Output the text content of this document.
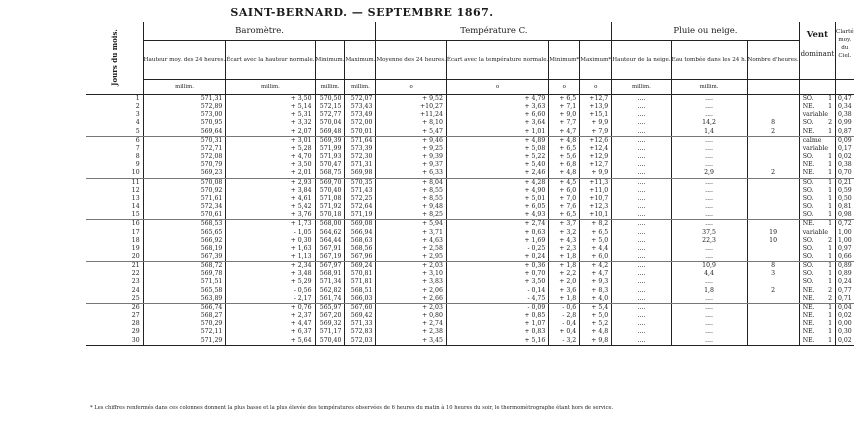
SAINT-BERNARD. — SEPTEMBRE 1867.
Jours du mois.	Baromètre.				Température C.				Pluie ou neige.			Vent
dominant		Clarté moy. du Ciel.
	Hauteur moy. des 24 heures.	Écart avec la hauteur normale.	Minimum.	Maximum.	Moyenne des 24 heures.	Écart avec la température normale.	Minimum*	Maximum*	Hauteur de la neige.	Eau tombée dans les 24 h.	Nombre d'heures.			
	millim.	millim.	millim.	millim.	o	o	o	o	millim.	millim.				
1	571,31	+ 3,50	570,50	572,07	+ 9,52	+ 4,79	+ 6,5	+12,7	....	....		SO.	1	0,47
2	572,89	+ 5,14	572,15	573,43	+10,27	+ 3,63	+ 7,1	+13,9	....	....		NE.	1	0,34
3	573,00	+ 5,31	572,77	573,49	+11,24	+ 6,60	+ 9,0	+15,1	....	....		variable		0,38
4	570,95	+ 3,32	570,04	572,00	+ 8,10	+ 3,64	+ 7,7	+ 9,9	....	14,2	8	SO.	2	0,99
5	569,64	+ 2,07	569,48	570,01	+ 5,47	+ 1,01	+ 4,7	+ 7,9	....	1,4	2	NE.	1	0,87
6	570,31	+ 3,01	569,39	571,64	+ 9,46	+ 4,89	+ 4,8	+12,6	....	....		calme		0,09
7	572,71	+ 5,28	571,99	573,39	+ 9,25	+ 5,08	+ 6,5	+12,4	....	....		variable		0,17
8	572,08	+ 4,70	571,93	572,30	+ 9,39	+ 5,22	+ 5,6	+12,9	....	....		SO.	1	0,02
9	570,79	+ 3,50	570,47	571,31	+ 9,37	+ 5,40	+ 6,8	+12,7	....	....		NE.	1	0,38
10	569,23	+ 2,01	568,75	569,98	+ 6,33	+ 2,46	+ 4,8	+ 9,9	....	2,9	2	NE.	1	0,70
11	570,08	+ 2,93	569,70	570,35	+ 8,04	+ 4,28	+ 4,5	+11,3	....	....		SO.	1	0,21
12	570,92	+ 3,84	570,40	571,43	+ 8,55	+ 4,90	+ 6,0	+11,0	....	....		SO.	1	0,59
13	571,61	+ 4,61	571,08	572,25	+ 8,55	+ 5,01	+ 7,0	+10,7	....	....		SO.	1	0,50
14	572,34	+ 5,42	571,92	572,64	+ 9,48	+ 6,05	+ 7,6	+12,3	....	....		SO.	1	0,81
15	570,61	+ 3,76	570,18	571,19	+ 8,25	+ 4,93	+ 6,5	+10,1	....	....		SO.	1	0,98
16	568,53	+ 1,73	568,00	569,08	+ 5,94	+ 2,74	+ 3,7	+ 8,2	....	....		NE.	1	0,72
17	565,65	- 1,05	564,62	566,94	+ 3,71	+ 0,63	+ 3,2	+ 6,5	....	37,5	19	variable		1,00
18	566,92	+ 0,30	564,44	568,63	+ 4,63	+ 1,69	+ 4,3	+ 5,0	....	22,3	10	SO.	2	1,00
19	568,19	+ 1,63	567,91	568,56	+ 2,58	- 0,25	+ 2,3	+ 4,4	....	....		SO.	1	0,97
20	567,39	+ 1,13	567,19	567,96	+ 2,95	+ 0,24	+ 1,8	+ 6,0	....	....		SO.	1	0,66
21	568,72	+ 2,34	567,97	569,24	+ 2,03	+ 0,36	+ 1,8	+ 4,2	....	10,9	8	SO.	1	0,89
22	569,78	+ 3,48	568,91	570,81	+ 3,10	+ 0,70	+ 2,2	+ 4,7	....	4,4	3	SO.	1	0,89
23	571,51	+ 5,29	571,34	571,81	+ 3,83	+ 3,50	+ 2,0	+ 9,3	....	....		SO.	1	0,24
24	565,58	- 0,56	562,82	568,51	+ 2,06	- 0,14	+ 3,6	+ 8,3	....	1,8	2	NE.	2	0,77
25	563,89	- 2,17	561,74	566,03	+ 2,66	- 4,75	+ 1,8	+ 4,0	....	....		NE.	2	0,71
26	566,74	+ 0,76	565,97	567,60	+ 2,03	- 0,09	- 0,6	+ 5,4	....	....		NE.	1	0,04
27	568,27	+ 2,37	567,20	569,42	+ 0,80	+ 0,85	- 2,8	+ 5,0	....	....		NE.	1	0,02
28	570,29	+ 4,47	569,32	571,33	+ 2,74	+ 1,07	- 0,4	+ 5,2	....	....		NE.	1	0,00
29	572,11	+ 6,37	571,17	572,83	+ 2,38	+ 0,83	+ 0,4	+ 4,8	....	....		NE.	1	0,30
30	571,29	+ 5,64	570,40	572,03	+ 3,45	+ 5,16	- 3,2	+ 9,8	....	....		NE.	1	0,02
* Les chiffres renfermés dans ces colonnes donnent la plus basse et la plus élevée des températures observées de 6 heures du matin à 10 heures du soir, le thermomètrographe étant hors de service.
